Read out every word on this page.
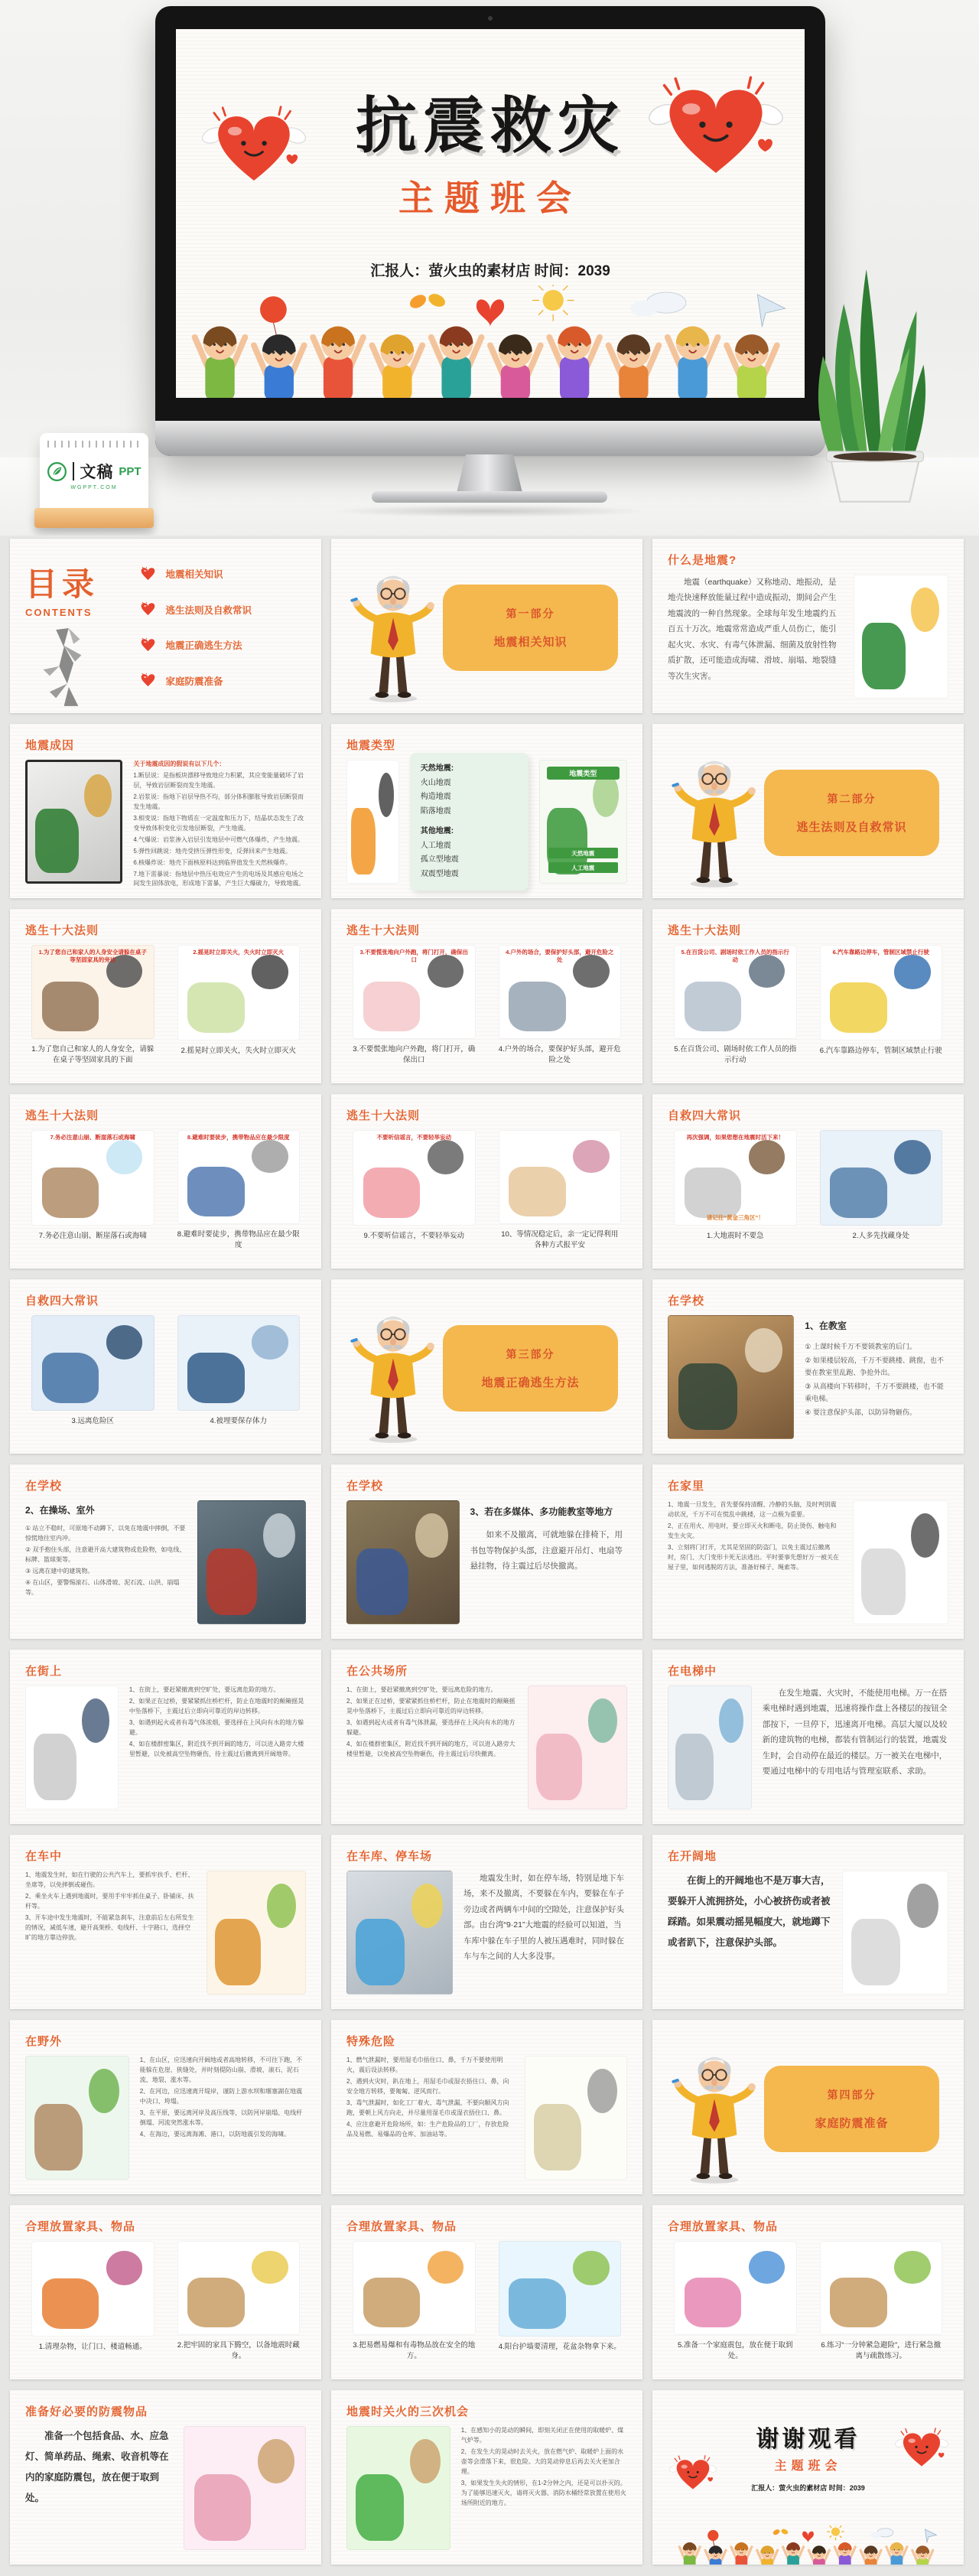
抗震救灾
主题班会
汇报人：萤火虫的素材店 时间：2039
文稿 PPT
WGPPT.COM
目录
CONTENTS
地震相关知识
逃生法则及自救常识
地震正确逃生方法
家庭防震准备
第一部分
地震相关知识
什么是地震?

地震（earthquake）又称地动、地振动，是地壳快速释放能量过程中造成振动，期间会产生地震波的一种自然现象。全球每年发生地震约五百五十万次。地震常常造成严重人员伤亡，能引起火灾、水灾、有毒气体泄漏、细菌及放射性物质扩散，还可能造成海啸、滑坡、崩塌、地裂缝等次生灾害。

地震成因

关于地震成因的假说有以下几个：

1.断层说：是指板块漂移导致地应力积累，其应变能量破坏了岩层，导致岩层断裂而发生地震。

2.岩浆说：指地下岩层导热不均，部分体积膨胀导致岩层断裂而发生地震。

3.相变说：指地下物质在一定温度和压力下，结晶状态发生了改变导致体积变化引发地层断裂，产生地震。

4.气爆说：岩浆渗入岩层引发地层中可燃气体爆炸，产生地震。

5.弹性回跳说：地壳受挤压弹性形变，反弹回来产生地震。

6.核爆炸说：地壳下面核原料达到临界值发生天然核爆炸。

7.地下雷暴说：指地层中热压电效应产生的电场及其感应电场之间发生固体放电，形成地下雷暴，产生巨大爆破力，导致地震。

地震类型
天然地震:
火山地震
构造地震
陷落地震
其他地震:
人工地震
孤立型地震
双震型地震
地震类型
天然地震
人工地震
第二部分
逃生法则及自救常识
逃生十大法则
1.为了您自己和家人的人身安全请躲在桌子等坚固家具的旁边
1.为了您自己和家人的人身安全，请躲在桌子等坚固家具的下面
2.摇晃时立即关火，失火时立即灭火
2.摇晃时立即关火，失火时立即灭火
逃生十大法则
3.不要慌张地向户外跑，将门打开，确保出口
3.不要慌张地向户外跑，将门打开，确保出口
4.户外的场合，要保护好头部，避开危险之处
4.户外的场合，要保护好头部，避开危险之处
逃生十大法则
5.在百货公司、剧场时依工作人员的指示行动
5.在百货公司、剧场时依工作人员的指示行动
6.汽车靠路边停车，管制区域禁止行驶
6.汽车靠路边停车，管制区域禁止行驶
逃生十大法则
7.务必注意山崩、断崖落石或海啸
7.务必注意山崩、断崖落石或海啸
8.避难时要徒步，携带物品应在最少限度
8.避难时要徒步，携带物品应在最少限度
逃生十大法则
不要听信谣言，不要轻举妄动
9.不要听信谣言，不要轻举妄动	10、等情况稳定后，亲一定记得利用各种方式报平安
自救四大常识
再次强调，如果您想在地震时活下来！
请记住“黄金三角区”！
1.大地震时不要急	2.人多先找藏身处
自救四大常识
3.远离危险区	4.被埋要保存体力
第三部分
地震正确逃生方法
在学校
1、在教室

① 上课时候千万不要锁教室的后门。

② 如果楼层较高，千万不要跳楼、跳窗，也不要在教室里乱跑、争抢外出。

③ 从高楼向下转移时，千万不要跳楼，也不能乘电梯。

④ 要注意保护头部，以防异物砸伤。

在学校
2、在操场、室外

① 站立不稳时，可原地不动蹲下，以免在地震中摔倒，不要惊慌地往室内冲。

② 双手抱住头部，注意避开高大建筑物或危险物，如电线、标牌、篮球架等。

③ 远离在建中的建筑物。

④ 在山区，要警惕滚石、山体滑坡、泥石流、山洪、崩塌等。

在学校
3、若在多媒体、多功能教室等地方

如来不及撤离，可就地躲在排椅下，用书包等物保护头部，注意避开吊灯、电扇等悬挂物，待主震过后尽快撤离。

在家里

1、地震一旦发生，首先要保持清醒、冷静的头脑，及时判别震动状况，千万不可在慌乱中跳楼，这一点极为重要。

2、正在用火、用电时，要立即灭火和断电，防止烫伤、触电和发生火灾。

3、立刻将门打开，尤其是坚固的防盗门，以免主震过后撤离时，房门、大门变形卡死无法逃出。平时要事先想好万一被关在屋子里，如何逃脱的方法，准备好梯子、绳索等。

在街上

1、在街上，要赶紧撤离到空旷处，要远离危险的地方。

2、如果正在过桥，要紧紧抓住桥栏杆，防止在地震时的颠簸摇晃中坠落桥下，主震过后立即向可靠近的岸边转移。

3、如遇到起火或者有毒气体浓烟，要选择在上风向有水的地方躲避。

4、如在楼群密集区，附近找不到开阔的地方，可以进入路旁大楼里暂避，以免被高空坠物砸伤，待主震过后撤离到开阔地带。

在公共场所

1、在街上，要赶紧撤离到空旷处，要远离危险的地方。

2、如果正在过桥，要紧紧抓住桥栏杆，防止在地震时的颠簸摇晃中坠落桥下，主震过后立即向可靠近的岸边转移。

3、如遇到起火或者有毒气体泄漏，要选择在上风向有水的地方躲避。

4、如在楼群密集区，附近找不到开阔的地方，可以进入路旁大楼里暂避，以免被高空坠物砸伤，待主震过后尽快撤离。

在电梯中

在发生地震、火灾时，不能使用电梯。万一在搭乘电梯时遇到地震，迅速将操作盘上各楼层的按钮全部按下，一旦停下，迅速离开电梯。高层大厦以及较新的建筑物的电梯，都装有管制运行的装置，地震发生时，会自动停在最近的楼层。万一被关在电梯中，要通过电梯中的专用电话与管理室联系、求助。

在车中

1、地震发生时，如在行驶的公共汽车上，要抓牢扶手、栏杆、坐席等，以免摔倒或碰伤。

2、乘坐火车上遇到地震时，要用手牢牢抓住桌子、卧铺床、扶杆等。

3、开车途中发生地震时，不能紧急刹车，注意前后左右所发生的情况，减低车速，避开高架桥、电线杆、十字路口，选择空旷的地方靠边停放。

在车库、停车场

地震发生时，如在停车场，特别是地下车场，来不及撤离，不要躲在车内，要躲在车子旁边或者两辆车中间的空隙处，注意保护好头部。由台湾“9·21”大地震的经验可以知道，当车库中躲在车子里的人被压遇难时，同时躲在车与车之间的人大多没事。

在开阔地

在街上的开阔地也不是万事大吉，要躲开人流拥挤处，小心被挤伤或者被踩踏。如果震动摇晃幅度大，就地蹲下或者趴下，注意保护头部。

在野外

1、在山区，应迅速向开阔地或者高地转移，不可往下跑，不能躲在危崖、狭缝处，并时刻提防山崩、滑坡、滚石、泥石流、地裂、涨水等。

2、在河边，应迅速离开堤岸，谨防上游水坝和堰塞湖在地震中决口、垮塌。

3、在平原，要远离河岸及高压线等，以防河岸崩塌、电线杆倒塌、河流突然涨水等。

4、在海边，要远离海滩、港口，以防地震引发的海啸。

特殊危险

1、燃气泄漏时，要用湿毛巾捂住口、鼻，千万不要使用明火，震后设法转移。

2、遇到火灾时，趴在地上，用湿毛巾或湿衣捂住口、鼻，向安全地方转移，要匍匐、逆风而行。

3、毒气泄漏时，如化工厂着火、毒气泄漏，不要向顺风方向跑，要朝上风方向走，并尽量用湿毛巾或湿衣捂住口、鼻。

4、应注意避开危险场所，如：生产危险品的工厂，存放危险品及易燃、易爆品的仓库、加油站等。

第四部分
家庭防震准备
合理放置家具、物品
1.清理杂物，让门口、楼道畅通。	2.把牢固的家具下腾空，以备地震时藏身。
合理放置家具、物品
3.把易燃易爆和有毒物品放在安全的地方。
4.阳台护墙要清理，花盆杂物拿下来。
合理放置家具、物品
5.准备一个家庭震包，放在便于取到处。
6.练习“一分钟紧急避险”，进行紧急撤离与疏散练习。
准备好必要的防震物品

准备一个包括食品、水、应急灯、简单药品、绳索、收音机等在内的家庭防震包，放在便于取到处。

地震时关火的三次机会

1、在感知小的晃动的瞬间，即刻关闭正在使用的取暖炉、煤气炉等。

2、在发生大的晃动时去关火，放在燃气炉、取暖炉上面的水壶等会滑落下来，很危险。大的晃动停息后再去关火更加合理。

3、如果发生失火的情形，在1-2分钟之内，还是可以扑灭的。为了能够迅速灭火，请将灭火器、消防水桶经常放置在使用火场所附近的地方。

谢谢观看
主题班会
汇报人：萤火虫的素材店 时间：2039
